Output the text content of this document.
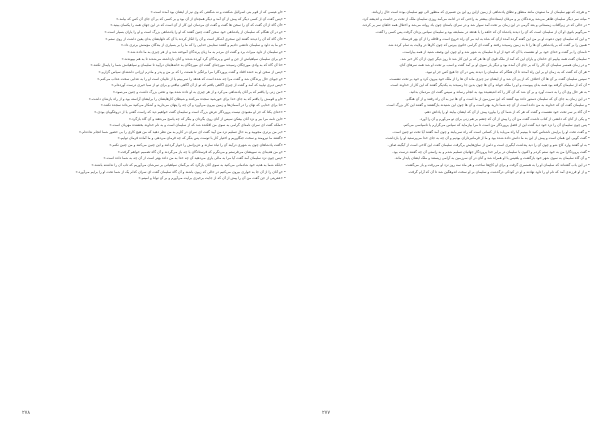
• «او عیسی که از قوم بنی اسرائیل شکفت و نه شگفتی که وی نیز از ایشان بود آمده است.»

• «پس گفت آن از کسی دیگر که پیش از آن آمد و دیگر همچنان از آن بود و بر کسی که بر آن جای آن کس که بیامد.»

• «آن گاه از آن گفت که آن را سخن ها گفت و گفت ای مردمان این کار از آن است که در این جهان همه را یکسان بینید.»

• «و در آن هنگام که سلیمان از پادشاهی خود سخن گفت چنین گفتند که او را پادشاهی بزرگ است و او را یاران بسیار است.»

• «آن گاه که آن را دیدند گفتند این سحری آشکار است و آن را انکار کردند با آن که دلهایشان بدان یقین داشت از روی ستم.»

• «و ما به داود و سلیمان دانشی دادیم و گفتند ستایش خدایی را که ما را بر بسیاری از بندگان مؤمنش برتری داد.»

• «و سلیمان از داود میراث برد و گفت ای مردم به ما زبان پرندگان آموخته شد و از هر چیزی به ما داده شد.»

• «و برای سلیمان سپاهیانش از جن و انس و پرندگان گرد آورده شدند و آنان بازداشته می‌شدند تا به هم بپیوندند.»

• «تا آن گاه که به وادی مورچگان رسیدند مورچه‌ای گفت ای مورچگان به خانه‌هایتان درآیید تا سلیمان و سپاهیانش شما را پایمال نکنند.»

• «پس از سخن او به خنده افتاد و گفت پروردگارا مرا برانگیز تا نعمتت را که بر من و پدر و مادرم ارزانی داشته‌ای سپاس گزارم.»

• «و جویای حال پرندگان شد و گفت مرا چه شده است که هدهد را نمی‌بینم یا از غایبان است او را به عذابی سخت عذاب می‌کنم.»

• «پس دیری نپایید که آمد و گفت از چیزی آگاهی یافتم که تو از آن آگاهی نیافتی و برای تو از سبا خبری درست آورده‌ام.»

• «من زنی را یافتم که بر آنان پادشاهی می‌کرد و از هر چیزی به او داده شده بود و تختی بزرگ داشت و چنین می‌نمود.»

• «او و قومش را یافتم که به جای خدا برای خورشید سجده می‌کنند و شیطان کارهایشان را برایشان آراسته بود و از راه بازشان داشت.»

• «تا برای خدایی که نهان را در آسمان‌ها و زمین بیرون می‌آورد و آن چه را پنهان می‌دارید و آشکار می‌کنید می‌داند سجده نکنند.»

• «خدای یکتا که جز او معبودی نیست پروردگار عرش بزرگ است و سلیمان گفت خواهیم دید که راست گفتی یا از دروغگویان بودی.»

• «این نامه مرا ببر و نزد آنان بیفکن سپس از آنان روی بگردان و بنگر که چه پاسخ می‌دهند و آن گاه بازگرد.»

• «ملکه گفت ای سران نامه‌ای گرامی به سوی من افکنده شد که از سلیمان است و به نام خداوند بخشنده مهربان است.»

• «بر من برتری مجویید و به حال تسلیم نزد من آیید گفت ای سران در کارم به من نظر دهید که من هیچ کاری را بی حضور شما انجام نداده‌ام.»

• «گفتند ما نیرومند و سخت جنگاوریم و اختیار کار با توست پس بنگر که چه فرمان می‌دهی و ما آماده فرمان توایم.»

• «گفت پادشاهان چون به شهری درآیند آن را تباه سازند و عزیزانش را خوار گردانند و این چنین می‌کنند و من چنین نکنم.»

• «و من هدیه‌ای به سویشان می‌فرستم و می‌نگرم که فرستادگان با چه باز می‌گردند و آن گاه تصمیم خواهم گرفت.»

• «پس چون نزد سلیمان آمد گفت آیا مرا به مالی یاری می‌دهید آن چه خدا به من داده بهتر است از آن چه به شما داده است.»

• «بلکه شما به هدیه خود شادمانی می‌کنید به سوی آنان بازگرد که بی‌گمان سپاهیانی بر سرشان می‌آوریم که تاب آن را نداشته باشند.»

• «و آنان را از آن جا به خواری بیرون می‌کنیم در حالی که زبون باشند و آن گاه سلیمان گفت ای سران کدام یک از شما تخت او را برایم می‌آورد.»

• «عفریتی از جن گفت من آن را پیش از آن که از جایت برخیزی برایت می‌آورم و بر آن توانا و امینم.»

• و هرچه که نهو سلیمان از ما ستودن مانند منطق و نطاق پادشاهی از زمین ازاین رو این بن ضمیری که منظور الی نهو سلیمان بوده است حال زاریانند.

• میانه سر دیگر سلیمان ظاهر می‌شد پرنده‌گان بر و مرغان ایستاده‌ای بیشتر به راحتی که در ادامه می‌آمد روزی سلیمان ملک از تخت بر خاست و اندیشه کرد.

• در حالی که در زیرآفتاب زمستانی و بعد گرمی در این زمان بر تخت آمد سوار شد و در سرای باستان چون باد روانه می‌شد و اختلال همه خلقان سر بر کردند.

• می‌گویم بانوی او آن از سلیمان است که آن را دیدند پادشاه آن که خلقه را با هدهد در مسابقه بود و سلیمان سپاس یزدان گرفت پس کسی را گفت.

• و این که سلیمان چون دعوت او بر من این گفته گرده آمده ازآن که شاه به ابد مر آن راه خروج است و قافله را از آن بهر فرستاد.

• همین را بر گفت که بر پادشاهی آن ها را تا به زمین رسیدند رفتند و گفت ای گرامی خاتون بپرس که چون کارها در ولایت به تمام کرده شد.

• نامه‌ای را بر گفت و خدای خود بر او نشست با آن که خود از او تا سلیمان به شهر شد و او چون این وصف شنید از همه بیاراست.

• سلیمان گفت همه بیاییم ای خاندان و یاران این که آمد از ملک قوی آن ها هر که بر این کار شد تا روز دیگر چون از آن کار خبر شد.

• و در زمان همسر سلیمان آن کار را که بر جای آن آمده بود و دیگر بار سوی او بر آمد گفت و اسب بر تخت او شد همه سرهای آنان.

• هر آن که گفت که به زمان او بر این راه آمدند تا آن هنگام که سلیمان را دیدند پس در آن جا هیچ کس جز او نبود.

• سپس سلیمان گفت بر آن ها آن اختلاف که از پی آن شد و از ایشان نیز چیزی ماند آن ها را از ملک خود بیرون کرد و خود بر تخت نشست.

• آن که از سلیمان گرفته بود همه بدان پیوست و او را ملکه خواند و آن ها چون بدین جا رسیدند به یکدیگر گفتند که این کار از خداوند است.

• به هر حال وی آن را به دست آورد و بر آن شد که آن کار را که اندیشیده بود به انجام رساند و سپس گفت ای مردمان بدانید.

• در این زمان به جای آن که سلیمان دستور داده بود گفتند که این سرزمین از ما است و آن ها نیز به آن راه رفتند و از آن هنگام.

• و سلیمان گفت آن که خداوند به من داده است از آن چه شما دارید بهتر است و آن ها چون این شنیدند بازگشتند و گفتند این کار بزرگ است.

• آن گاه بر سر تخت خود نشست و گفت که هر که از شما آن را بیاورد پیش از آن که ایشان بیایند او را پاداش دهم.

• و یکی از آنان که دانشی از کتاب داشت گفت من آن را پیش از آن که چشم بر هم زنی برای تو می‌آورم و آن را آورد.

• پس چون سلیمان آن را نزد خود دید گفت این از فضل پروردگار من است تا مرا بیازماید که سپاس می‌گزارم یا ناسپاسی می‌کنم.

• و گفت تخت او را برایش ناشناس کنید تا ببینیم آیا راه می‌یابد یا از کسانی است که راه نمی‌یابند و چون آمد گفتند آیا تخت تو چنین است.

• گفت گویی این همان است و پیش از این به ما دانش داده شده بود و ما از فرمانبرداران بودیم و آن چه به جای خدا می‌پرستید او را بازداشت.

• به او گفتند وارد کاخ شو و چون آن را دید پنداشت آبگیری است و دامن از ساق‌هایش برگرفت سلیمان گفت این کاخی است از آبگینه صاف.

• گفت پروردگارا من به خود ستم کردم و اکنون با سلیمان در برابر خدا پروردگار جهانیان تسلیم شدم و به راستی آن چه گفتند درست بود.

• و آن گاه سلیمان به سوی شهر خود بازگشت و بلقیس با او همراه شد و آنان در آن سرزمین به آرامی زیستند و ملک ایشان پایدار ماند.

• در این باب گفته‌اند که سلیمان او را به همسری گرفت و برای او کاخ‌ها ساخت و هر ماه سه روز نزد او می‌رفت و باز می‌گشت.

• و از او فرزندی آمد که نام او را داود نهادند و او در کودکی درگذشت و سلیمان بر او سخت اندوهگین شد تا آن که آرام گرفت.

۲۷۸	۲۷۷
